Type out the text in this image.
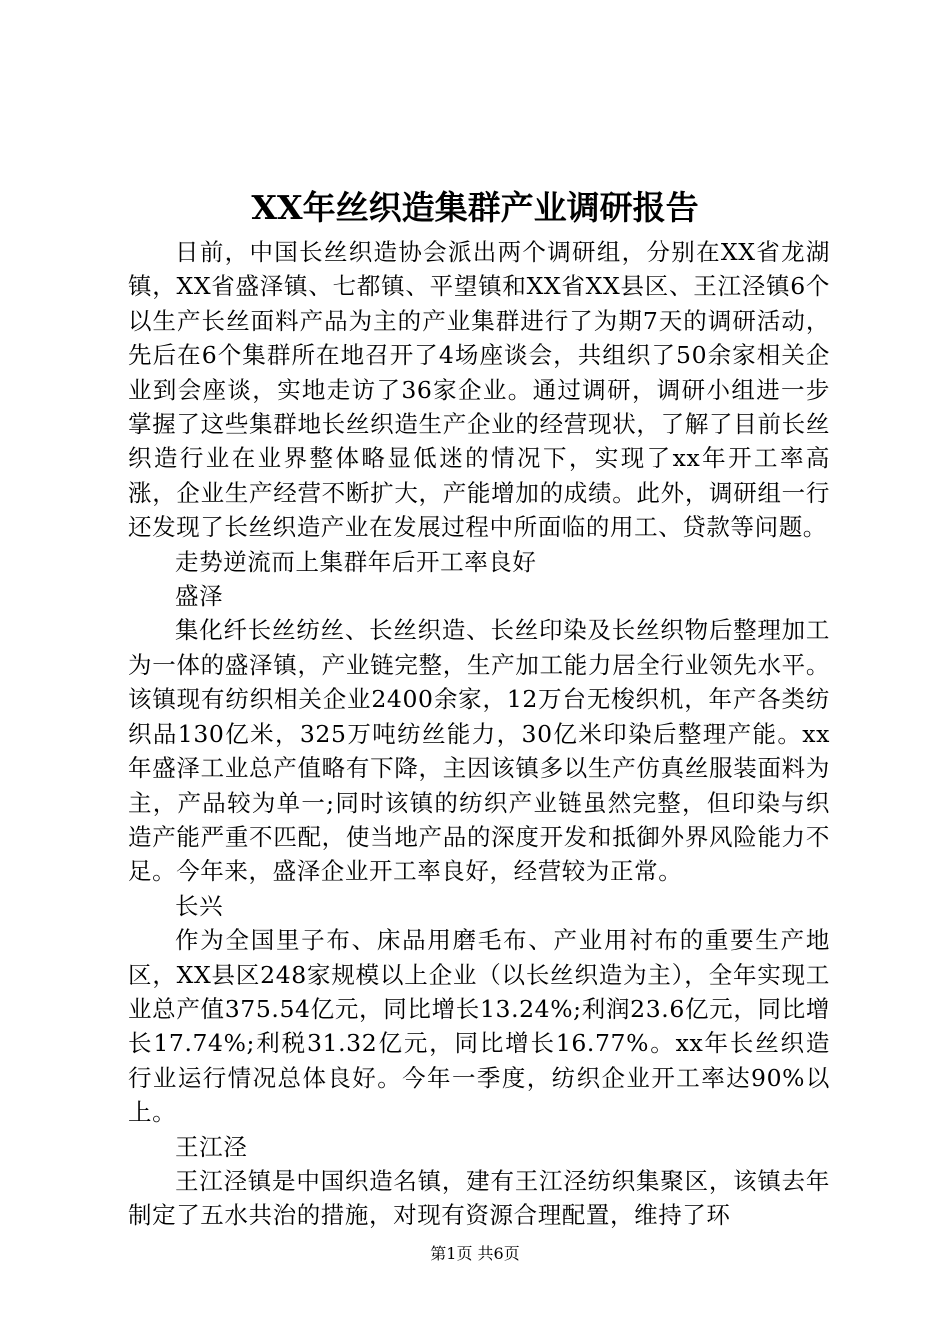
XX年丝织造集群产业调研报告

日前，中国长丝织造协会派出两个调研组，分别在XX省龙湖镇，XX省盛泽镇、七都镇、平望镇和XX省XX县区、王江泾镇6个以生产长丝面料产品为主的产业集群进行了为期7天的调研活动，先后在6个集群所在地召开了4场座谈会，共组织了50余家相关企业到会座谈，实地走访了36家企业。通过调研，调研小组进一步掌握了这些集群地长丝织造生产企业的经营现状，了解了目前长丝织造行业在业界整体略显低迷的情况下，实现了xx年开工率高涨，企业生产经营不断扩大，产能增加的成绩。此外，调研组一行还发现了长丝织造产业在发展过程中所面临的用工、贷款等问题。

走势逆流而上集群年后开工率良好

盛泽

集化纤长丝纺丝、长丝织造、长丝印染及长丝织物后整理加工为一体的盛泽镇，产业链完整，生产加工能力居全行业领先水平。该镇现有纺织相关企业2400余家，12万台无梭织机，年产各类纺织品130亿米，325万吨纺丝能力，30亿米印染后整理产能。xx年盛泽工业总产值略有下降，主因该镇多以生产仿真丝服装面料为主，产品较为单一;同时该镇的纺织产业链虽然完整，但印染与织造产能严重不匹配，使当地产品的深度开发和抵御外界风险能力不足。今年来，盛泽企业开工率良好，经营较为正常。

长兴

作为全国里子布、床品用磨毛布、产业用衬布的重要生产地区，XX县区248家规模以上企业（以长丝织造为主），全年实现工业总产值375.54亿元，同比增长13.24%;利润23.6亿元，同比增长17.74%;利税31.32亿元，同比增长16.77%。xx年长丝织造行业运行情况总体良好。今年一季度，纺织企业开工率达90%以上。

王江泾

王江泾镇是中国织造名镇，建有王江泾纺织集聚区，该镇去年制定了五水共治的措施，对现有资源合理配置，维持了环

第1页 共6页
